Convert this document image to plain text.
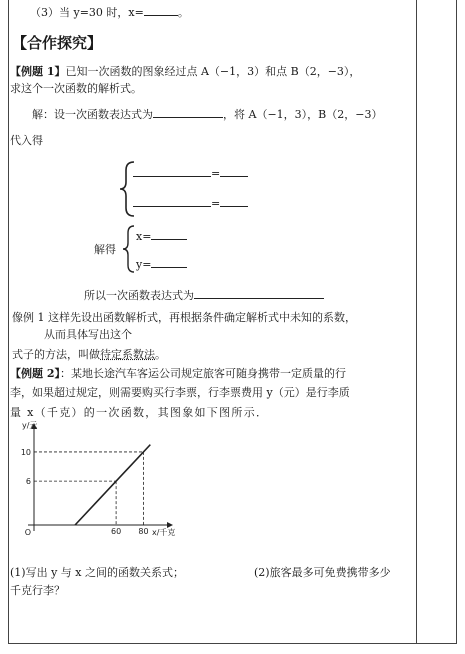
（3）当 y=30 时，x=	。
【合作探究】
【例题 1】已知一次函数的图象经过点 A（−1，3）和点 B（2，−3），
求这个一次函数的解析式。
解：设一次函数表达式为	，将 A（−1，3），B（2，−3）
代入得
=
=
解得
x=
y=
所以一次函数表达式为
像例 1 这样先设出函数解析式，再根据条件确定解析式中未知的系数，
从而具体写出这个
式子的方法，叫做待定系数法。
【例题 2】：某地长途汽车客运公司规定旅客可随身携带一定质量的行
李，如果超过规定，则需要购买行李票，行李票费用 y（元）是行李质
量 x（千克）的一次函数，其图象如下图所示．
60 80
6
10
O
y/元
x/千克
(1)写出 y 与 x 之间的函数关系式；	(2)旅客最多可免费携带多少
千克行李？
